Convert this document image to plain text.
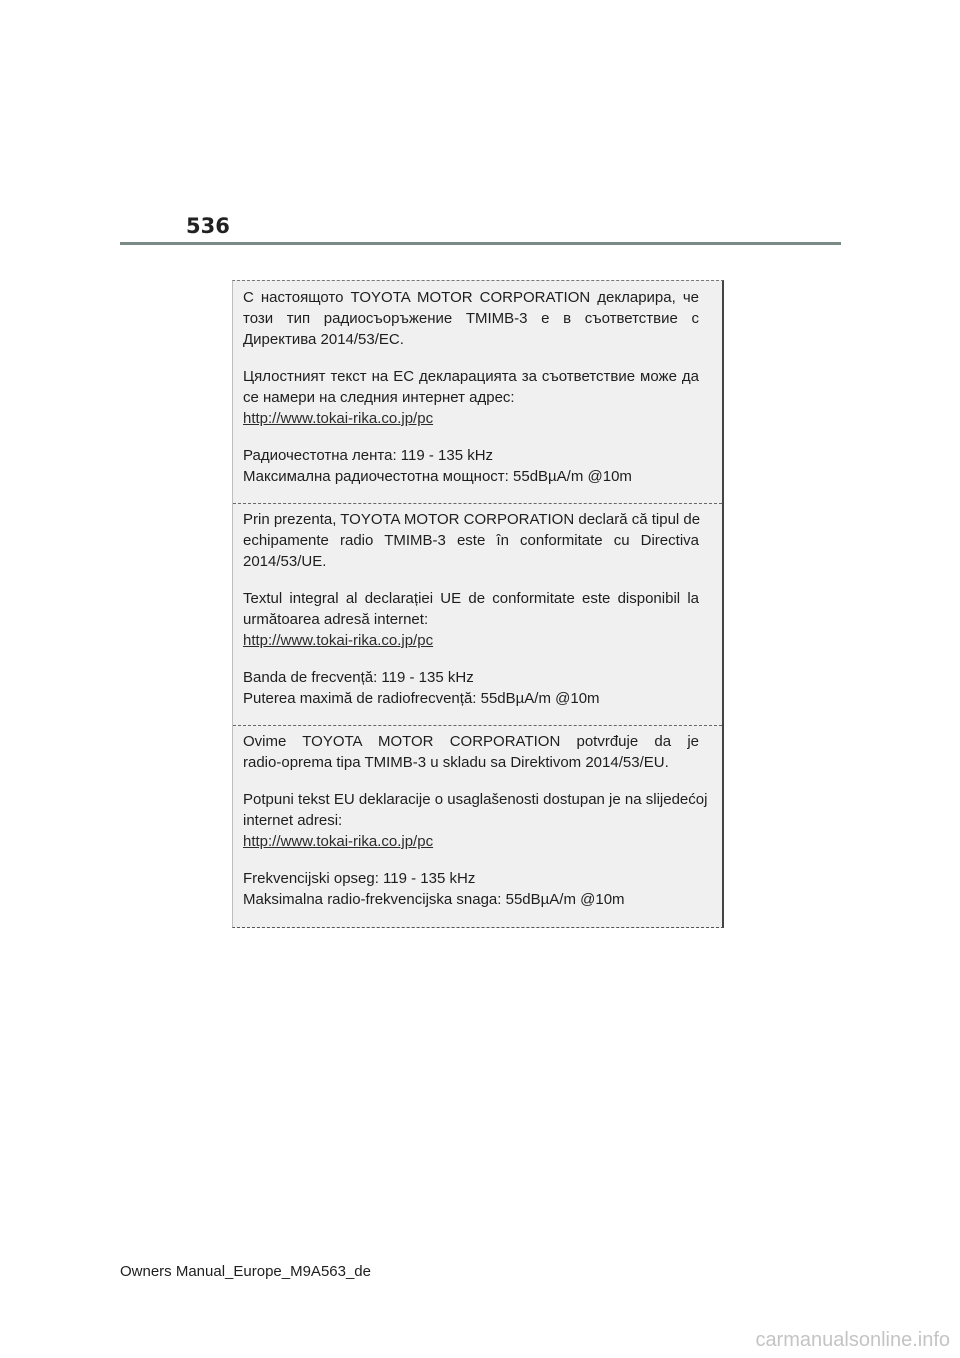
536
С настоящото TOYOTA MOTOR CORPORATION декларира, че
този тип радиосъоръжение TMIMB-3 е в съответствие с
Директива 2014/53/EC.
Цялостният текст на ЕС декларацията за съответствие може да
се намери на следния интернет адрес:
http://www.tokai-rika.co.jp/pc
Радиочестотна лента: 119 - 135 kHz
Максимална радиочестотна мощност: 55dBµA/m @10m
Prin prezenta, TOYOTA MOTOR CORPORATION declară că tipul de
echipamente radio TMIMB-3 este în conformitate cu Directiva
2014/53/UE.
Textul integral al declarației UE de conformitate este disponibil la
următoarea adresă internet:
http://www.tokai-rika.co.jp/pc
Banda de frecvență: 119 - 135 kHz
Puterea maximă de radiofrecvență: 55dBµA/m @10m
Ovime TOYOTA MOTOR CORPORATION potvrđuje da je
radio-oprema tipa TMIMB-3 u skladu sa Direktivom 2014/53/EU.
Potpuni tekst EU deklaracije o usaglašenosti dostupan je na slijedećoj
internet adresi:
http://www.tokai-rika.co.jp/pc
Frekvencijski opseg: 119 - 135 kHz
Maksimalna radio-frekvencijska snaga: 55dBµA/m @10m
Owners Manual_Europe_M9A563_de
carmanualsonline.info
